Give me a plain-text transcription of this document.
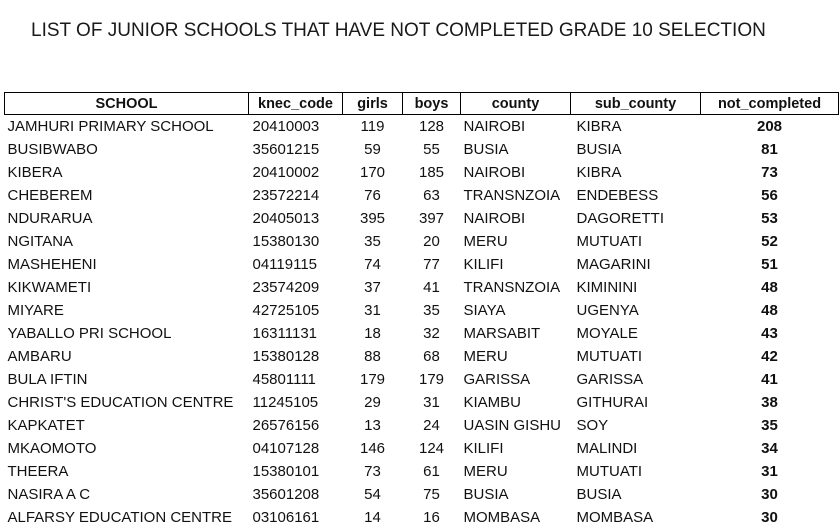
LIST OF JUNIOR SCHOOLS THAT HAVE NOT COMPLETED GRADE 10 SELECTION
SCHOOL	knec_code	girls	boys	county	sub_county	not_completed
JAMHURI PRIMARY SCHOOL	20410003	119	128	NAIROBI	KIBRA	208
BUSIBWABO	35601215	59	55	BUSIA	BUSIA	81
KIBERA	20410002	170	185	NAIROBI	KIBRA	73
CHEBEREM	23572214	76	63	TRANSNZOIA	ENDEBESS	56
NDURARUA	20405013	395	397	NAIROBI	DAGORETTI	53
NGITANA	15380130	35	20	MERU	MUTUATI	52
MASHEHENI	04119115	74	77	KILIFI	MAGARINI	51
KIKWAMETI	23574209	37	41	TRANSNZOIA	KIMININI	48
MIYARE	42725105	31	35	SIAYA	UGENYA	48
YABALLO PRI SCHOOL	16311131	18	32	MARSABIT	MOYALE	43
AMBARU	15380128	88	68	MERU	MUTUATI	42
BULA IFTIN	45801111	179	179	GARISSA	GARISSA	41
CHRIST'S EDUCATION CENTRE	11245105	29	31	KIAMBU	GITHURAI	38
KAPKATET	26576156	13	24	UASIN GISHU	SOY	35
MKAOMOTO	04107128	146	124	KILIFI	MALINDI	34
THEERA	15380101	73	61	MERU	MUTUATI	31
NASIRA A C	35601208	54	75	BUSIA	BUSIA	30
ALFARSY EDUCATION CENTRE	03106161	14	16	MOMBASA	MOMBASA	30
